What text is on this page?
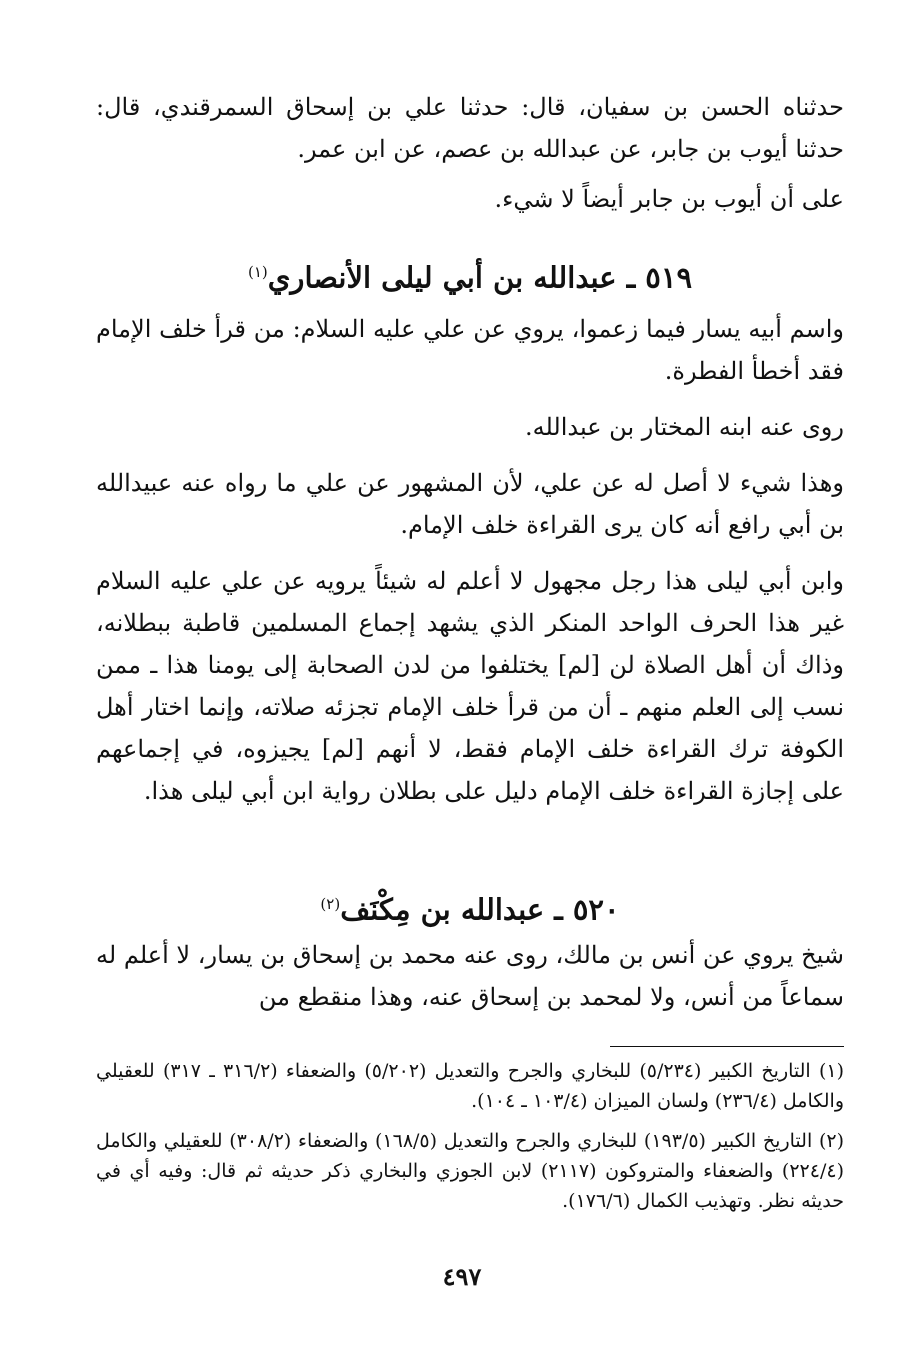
حدثناه الحسن بن سفيان، قال: حدثنا علي بن إسحاق السمرقندي، قال: حدثنا أيوب بن جابر، عن عبدالله بن عصم، عن ابن عمر.

على أن أيوب بن جابر أيضاً لا شيء.

٥١٩ ـ عبدالله بن أبي ليلى الأنصاري$^{(١)}$

واسم أبيه يسار فيما زعموا، يروي عن علي عليه السلام: من قرأ خلف الإمام فقد أخطأ الفطرة.

روى عنه ابنه المختار بن عبدالله.

وهذا شيء لا أصل له عن علي، لأن المشهور عن علي ما رواه عنه عبيدالله بن أبي رافع أنه كان يرى القراءة خلف الإمام.

وابن أبي ليلى هذا رجل مجهول لا أعلم له شيئاً يرويه عن علي عليه السلام غير هذا الحرف الواحد المنكر الذي يشهد إجماع المسلمين قاطبة ببطلانه، وذاك أن أهل الصلاة لن [لم] يختلفوا من لدن الصحابة إلى يومنا هذا ـ ممن نسب إلى العلم منهم ـ أن من قرأ خلف الإمام تجزئه صلاته، وإنما اختار أهل الكوفة ترك القراءة خلف الإمام فقط، لا أنهم [لم] يجيزوه، في إجماعهم على إجازة القراءة خلف الإمام دليل على بطلان رواية ابن أبي ليلى هذا.

٥٢٠ ـ عبدالله بن مِكْنَف$^{(٢)}$

شيخ يروي عن أنس بن مالك، روى عنه محمد بن إسحاق بن يسار، لا أعلم له سماعاً من أنس، ولا لمحمد بن إسحاق عنه، وهذا منقطع من

(١) التاريخ الكبير (٥/٢٣٤) للبخاري والجرح والتعديل (٥/٢٠٢) والضعفاء (٣١٦/٢ ـ ٣١٧) للعقيلي والكامل (٢٣٦/٤) ولسان الميزان (١٠٣/٤ ـ ١٠٤).

(٢) التاريخ الكبير (١٩٣/٥) للبخاري والجرح والتعديل (١٦٨/٥) والضعفاء (٣٠٨/٢) للعقيلي والكامل (٢٢٤/٤) والضعفاء والمتروكون (٢١١٧) لابن الجوزي والبخاري ذكر حديثه ثم قال: وفيه أي في حديثه نظر. وتهذيب الكمال (١٧٦/٦).

٤٩٧
